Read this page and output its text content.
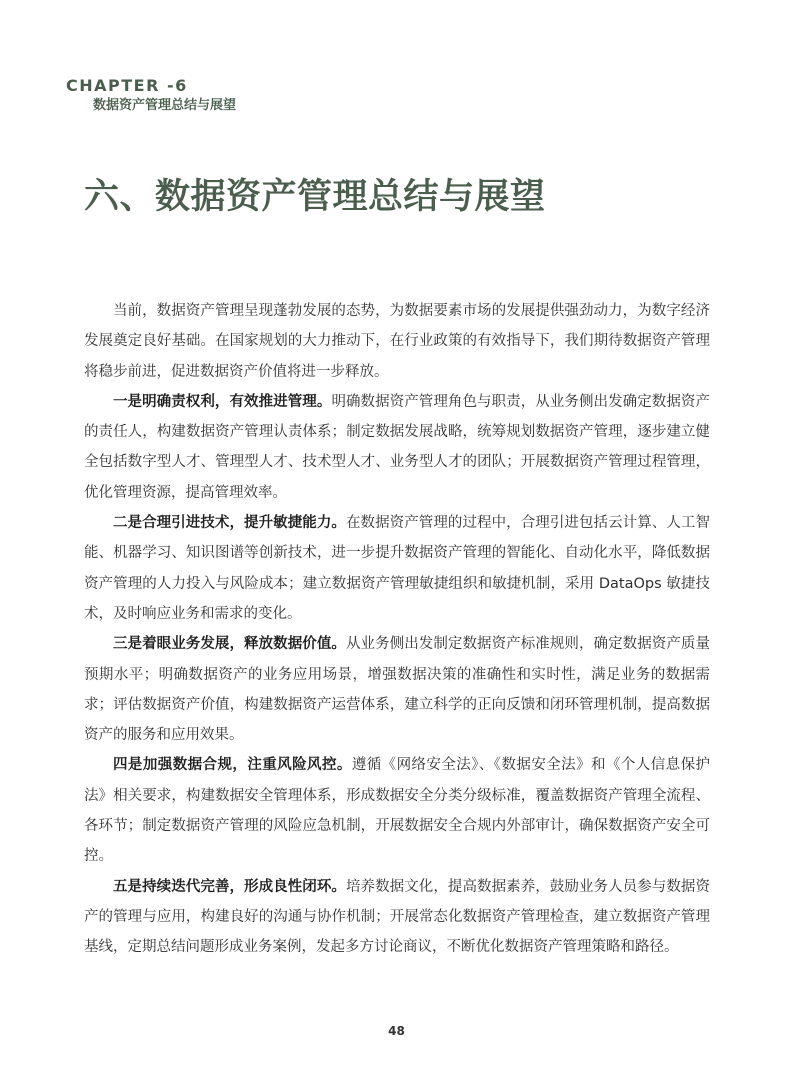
CHAPTER -6
数据资产管理总结与展望
六、数据资产管理总结与展望

当前，数据资产管理呈现蓬勃发展的态势，为数据要素市场的发展提供强劲动力，为数字经济发展奠定良好基础。在国家规划的大力推动下，在行业政策的有效指导下，我们期待数据资产管理将稳步前进，促进数据资产价值将进一步释放。

一是明确责权利，有效推进管理。明确数据资产管理角色与职责，从业务侧出发确定数据资产的责任人，构建数据资产管理认责体系；制定数据发展战略，统筹规划数据资产管理，逐步建立健全包括数字型人才、管理型人才、技术型人才、业务型人才的团队；开展数据资产管理过程管理，优化管理资源，提高管理效率。

二是合理引进技术，提升敏捷能力。在数据资产管理的过程中，合理引进包括云计算、人工智能、机器学习、知识图谱等创新技术，进一步提升数据资产管理的智能化、自动化水平，降低数据资产管理的人力投入与风险成本；建立数据资产管理敏捷组织和敏捷机制，采用 DataOps 敏捷技术，及时响应业务和需求的变化。

三是着眼业务发展，释放数据价值。从业务侧出发制定数据资产标准规则，确定数据资产质量预期水平；明确数据资产的业务应用场景，增强数据决策的准确性和实时性，满足业务的数据需求；评估数据资产价值，构建数据资产运营体系，建立科学的正向反馈和闭环管理机制，提高数据资产的服务和应用效果。

四是加强数据合规，注重风险风控。遵循《网络安全法》、《数据安全法》和《个人信息保护法》相关要求，构建数据安全管理体系，形成数据安全分类分级标准，覆盖数据资产管理全流程、各环节；制定数据资产管理的风险应急机制，开展数据安全合规内外部审计，确保数据资产安全可控。

五是持续迭代完善，形成良性闭环。培养数据文化，提高数据素养，鼓励业务人员参与数据资产的管理与应用，构建良好的沟通与协作机制；开展常态化数据资产管理检查，建立数据资产管理基线，定期总结问题形成业务案例，发起多方讨论商议，不断优化数据资产管理策略和路径。

48
